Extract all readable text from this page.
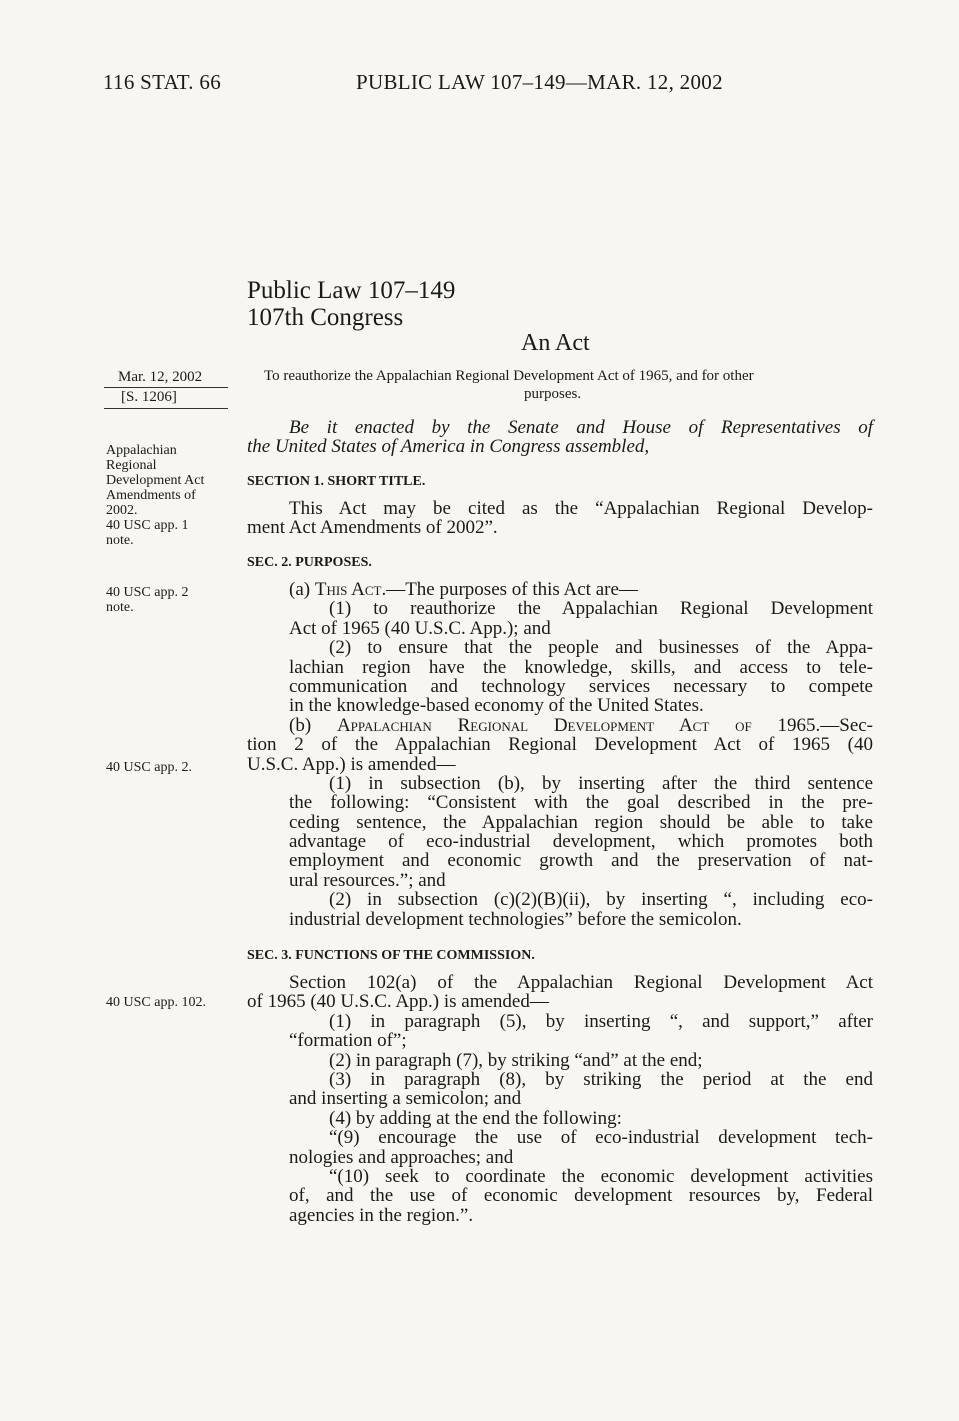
116 STAT. 66	PUBLIC LAW 107–149—MAR. 12, 2002
Public Law 107–149
107th Congress
An Act
Mar. 12, 2002
[S. 1206]
Appalachian
Regional
Development Act
Amendments of
2002.
40 USC app. 1
note.
40 USC app. 2
note.
40 USC app. 2.
40 USC app. 102.
To reauthorize the Appalachian Regional Development Act of 1965, and for other
purposes.
Be it enacted by the Senate and House of Representatives of
the United States of America in Congress assembled,
SECTION 1. SHORT TITLE.
This Act may be cited as the “Appalachian Regional Develop-
ment Act Amendments of 2002”.
SEC. 2. PURPOSES.
(a) This Act.—The purposes of this Act are—
(1) to reauthorize the Appalachian Regional Development
Act of 1965 (40 U.S.C. App.); and
(2) to ensure that the people and businesses of the Appa-
lachian region have the knowledge, skills, and access to tele-
communication and technology services necessary to compete
in the knowledge-based economy of the United States.
(b) Appalachian Regional Development Act of 1965.—Sec-
tion 2 of the Appalachian Regional Development Act of 1965 (40
U.S.C. App.) is amended—
(1) in subsection (b), by inserting after the third sentence
the following: “Consistent with the goal described in the pre-
ceding sentence, the Appalachian region should be able to take
advantage of eco-industrial development, which promotes both
employment and economic growth and the preservation of nat-
ural resources.”; and
(2) in subsection (c)(2)(B)(ii), by inserting “, including eco-
industrial development technologies” before the semicolon.
SEC. 3. FUNCTIONS OF THE COMMISSION.
Section 102(a) of the Appalachian Regional Development Act
of 1965 (40 U.S.C. App.) is amended—
(1) in paragraph (5), by inserting “, and support,” after
“formation of”;
(2) in paragraph (7), by striking “and” at the end;
(3) in paragraph (8), by striking the period at the end
and inserting a semicolon; and
(4) by adding at the end the following:
“(9) encourage the use of eco-industrial development tech-
nologies and approaches; and
“(10) seek to coordinate the economic development activities
of, and the use of economic development resources by, Federal
agencies in the region.”.
